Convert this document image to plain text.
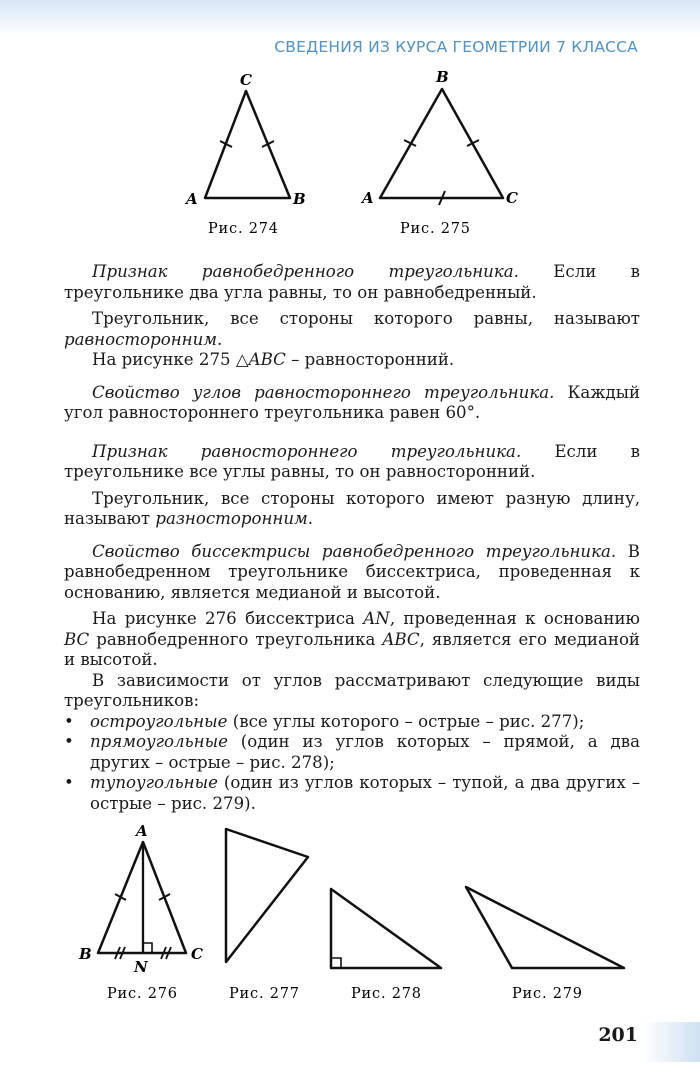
СВЕДЕНИЯ ИЗ КУРСА ГЕОМЕТРИИ 7 КЛАССА
C
A	B
Рис. 274
B
A	C
Рис. 275

Признак равнобедренного треугольника. Если в треугольнике два угла равны, то он равнобедренный.

Треугольник, все стороны которого равны, называют равносторонним.

На рисунке 275 △ABC – равносторонний.

Свойство углов равностороннего треугольника. Каждый угол равностороннего треугольника равен 60°.

Признак равностороннего треугольника. Если в треугольнике все углы равны, то он равносторонний.

Треугольник, все стороны которого имеют разную длину, называют разносторонним.

Свойство биссектрисы равнобедренного треугольника. В равнобедренном треугольнике биссектриса, проведенная к основанию, является медианой и высотой.

На рисунке 276 биссектриса AN, проведенная к основанию BC равнобедренного треугольника ABC, является его медианой и высотой.

В зависимости от углов рассматривают следующие виды треугольников:

• остроугольные (все углы которого – острые – рис. 277);
• прямоугольные (один из углов которых – прямой, а два других – острые – рис. 278);
• тупоугольные (один из углов которых – тупой, а два других – острые – рис. 279).
A
B	C
N
Рис. 276	Рис. 277	Рис. 278	Рис. 279
201
